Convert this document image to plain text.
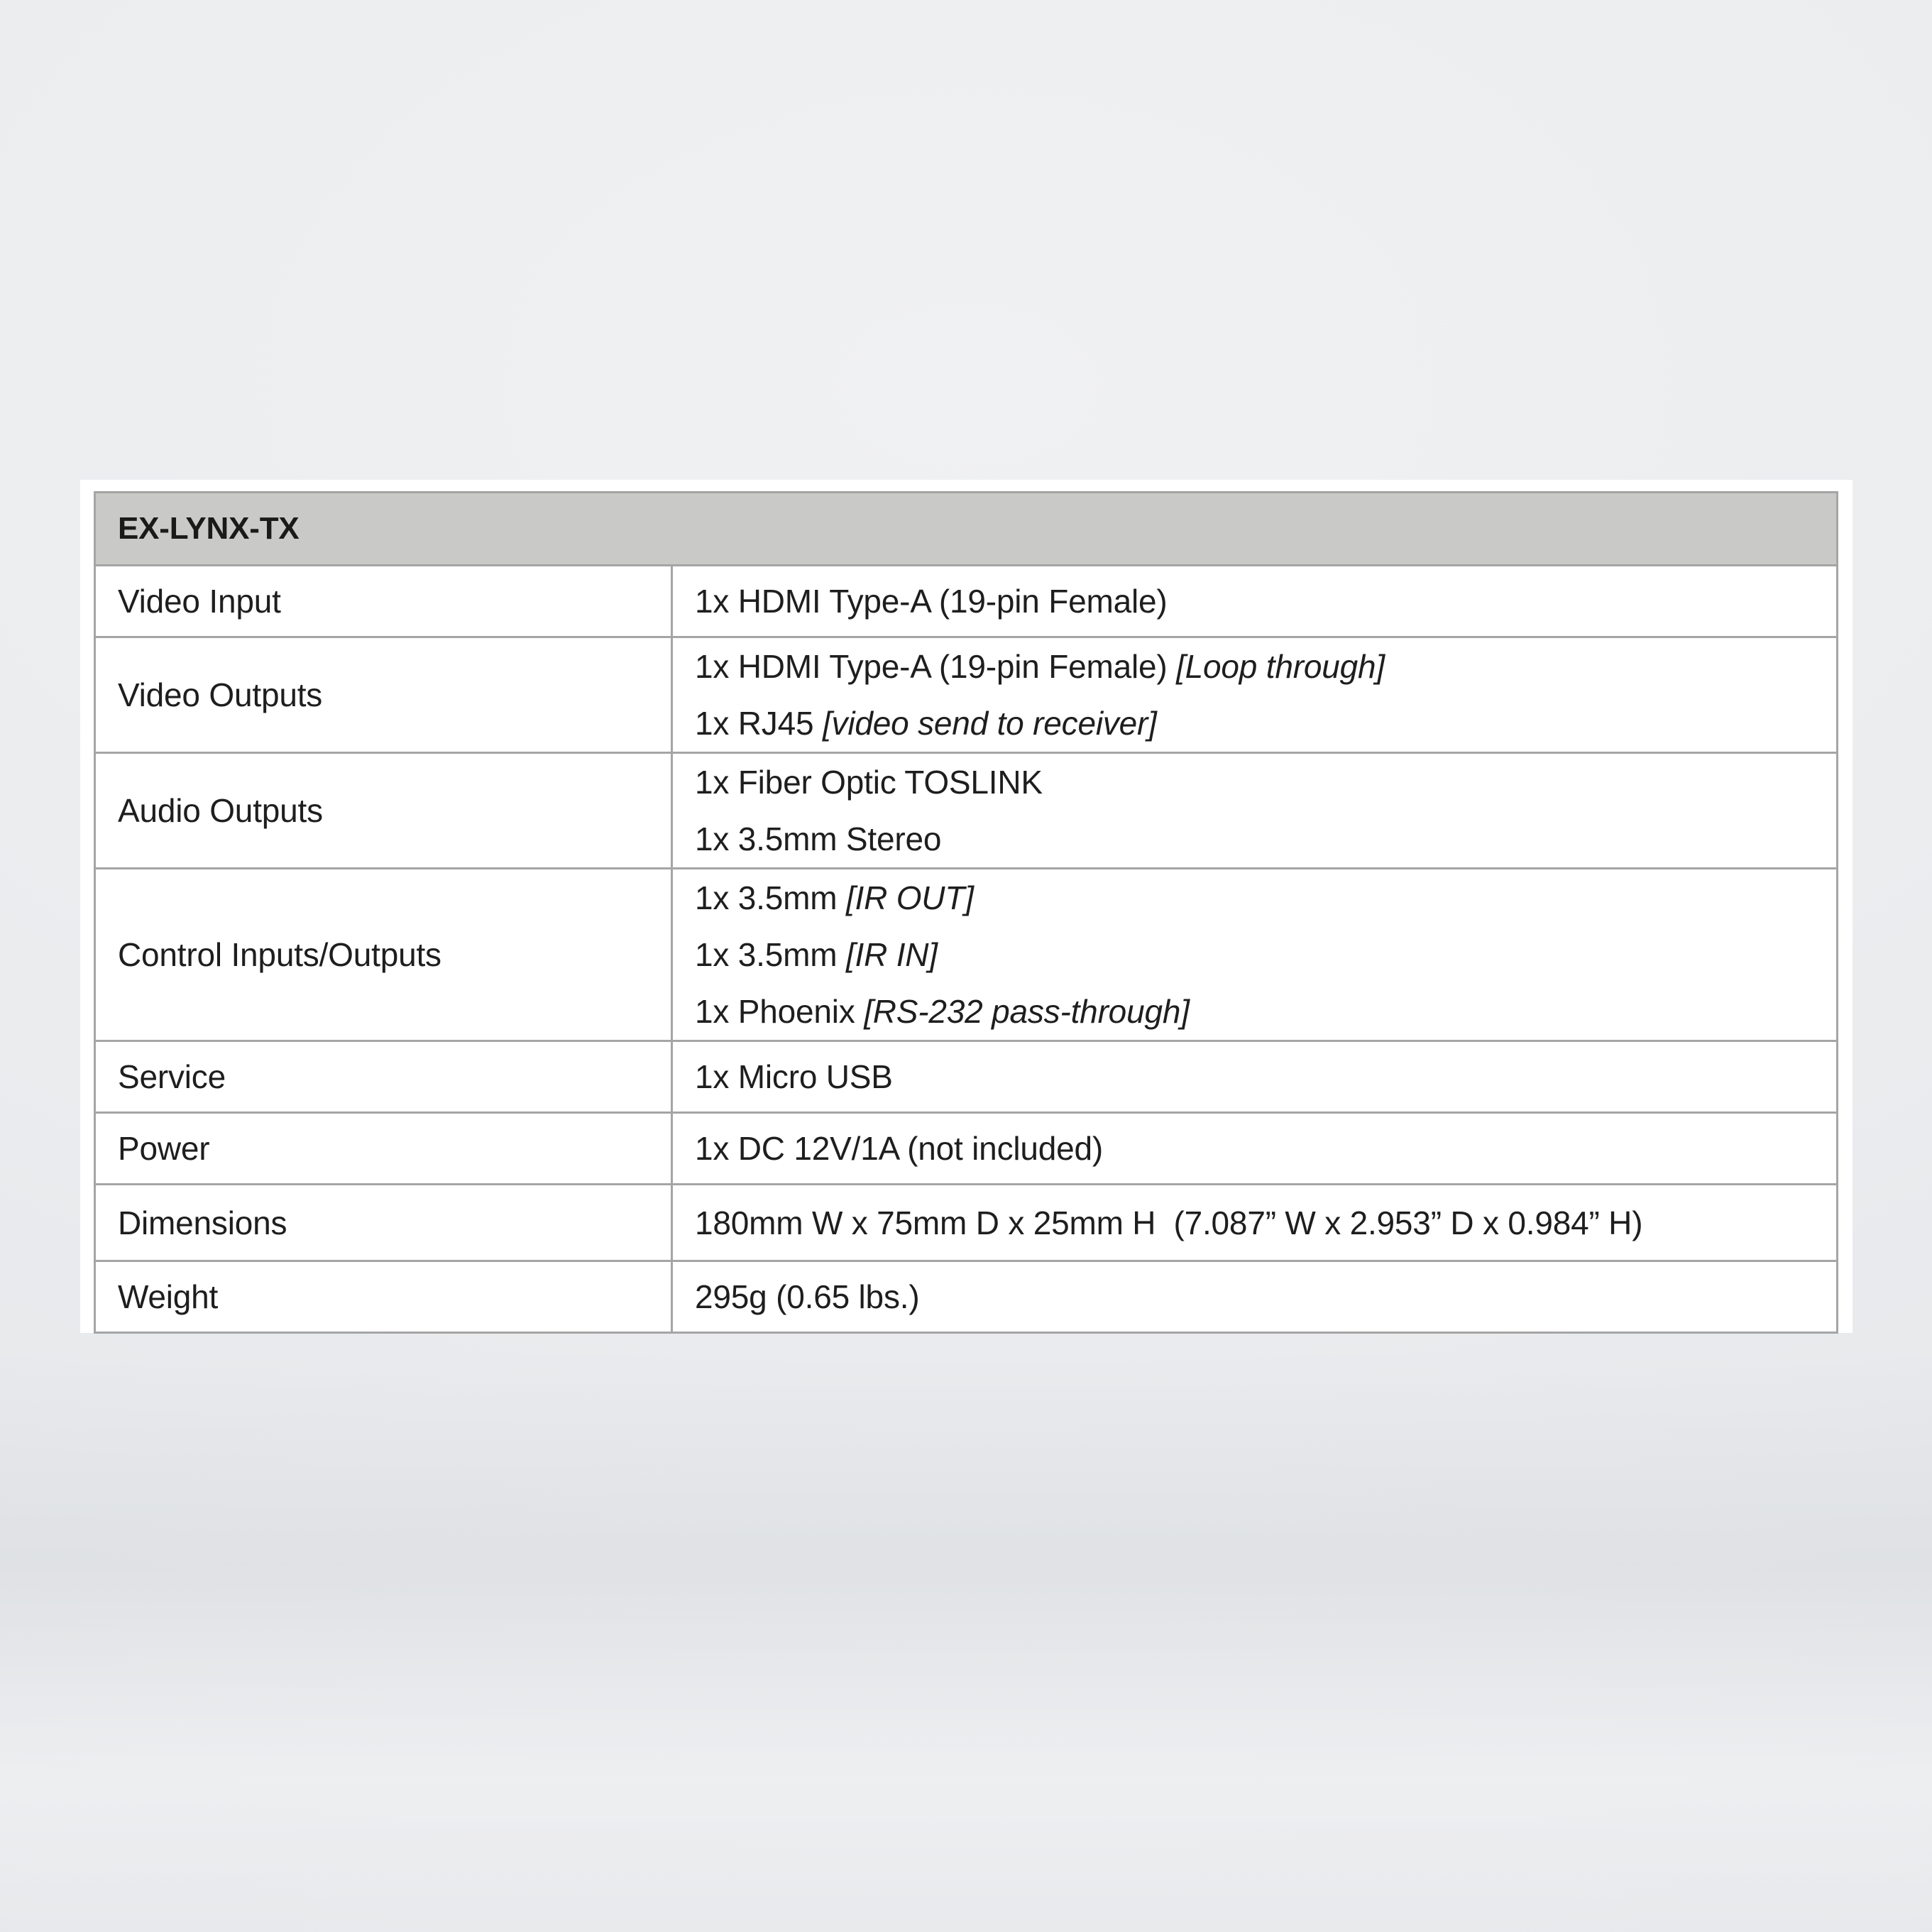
EX-LYNX-TX	

Video Input	1x HDMI Type-A (19-pin Female)

Video Outputs	1x HDMI Type-A (19-pin Female) [Loop through]
1x RJ45 [video send to receiver]

Audio Outputs	1x Fiber Optic TOSLINK
1x 3.5mm Stereo

Control Inputs/Outputs	1x 3.5mm [IR OUT]
1x 3.5mm [IR IN]
1x Phoenix [RS-232 pass-through]

Service	1x Micro USB

Power	1x DC 12V/1A (not included)

Dimensions	180mm W x 75mm D x 25mm H  (7.087” W x 2.953” D x 0.984” H)

Weight	295g (0.65 lbs.)
